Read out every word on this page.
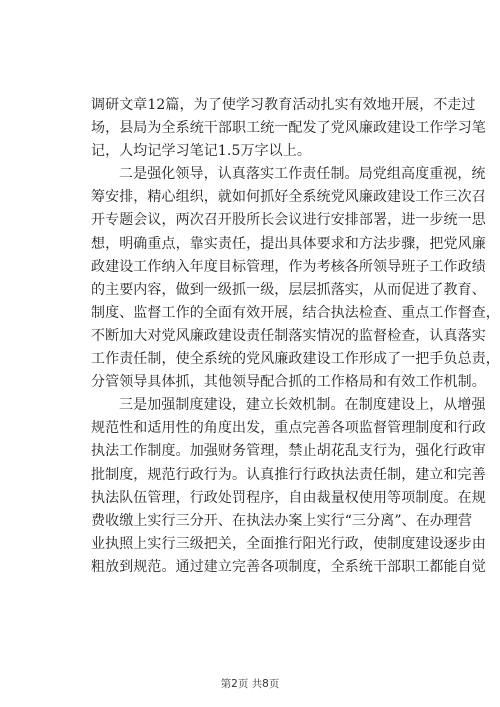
调研文章12篇，为了使学习教育活动扎实有效地开展，不走过
场，县局为全系统干部职工统一配发了党风廉政建设工作学习笔
记，人均记学习笔记1.5万字以上。

二是强化领导，认真落实工作责任制。局党组高度重视，统
筹安排，精心组织，就如何抓好全系统党风廉政建设工作三次召
开专题会议，两次召开股所长会议进行安排部署，进一步统一思
想，明确重点，靠实责任，提出具体要求和方法步骤，把党风廉
政建设工作纳入年度目标管理，作为考核各所领导班子工作政绩
的主要内容，做到一级抓一级，层层抓落实，从而促进了教育、
制度、监督工作的全面有效开展，结合执法检查、重点工作督查，
不断加大对党风廉政建设责任制落实情况的监督检查，认真落实
工作责任制，使全系统的党风廉政建设工作形成了一把手负总责，
分管领导具体抓，其他领导配合抓的工作格局和有效工作机制。

三是加强制度建设，建立长效机制。在制度建设上，从增强
规范性和适用性的角度出发，重点完善各项监督管理制度和行政
执法工作制度。加强财务管理，禁止胡花乱支行为，强化行政审
批制度，规范行政行为。认真推行行政执法责任制，建立和完善
执法队伍管理，行政处罚程序，自由裁量权使用等项制度。在规
费收缴上实行三分开、在执法办案上实行“三分离”、在办理营
业执照上实行三级把关，全面推行阳光行政，使制度建设逐步由
粗放到规范。通过建立完善各项制度，全系统干部职工都能自觉

第2页 共8页
